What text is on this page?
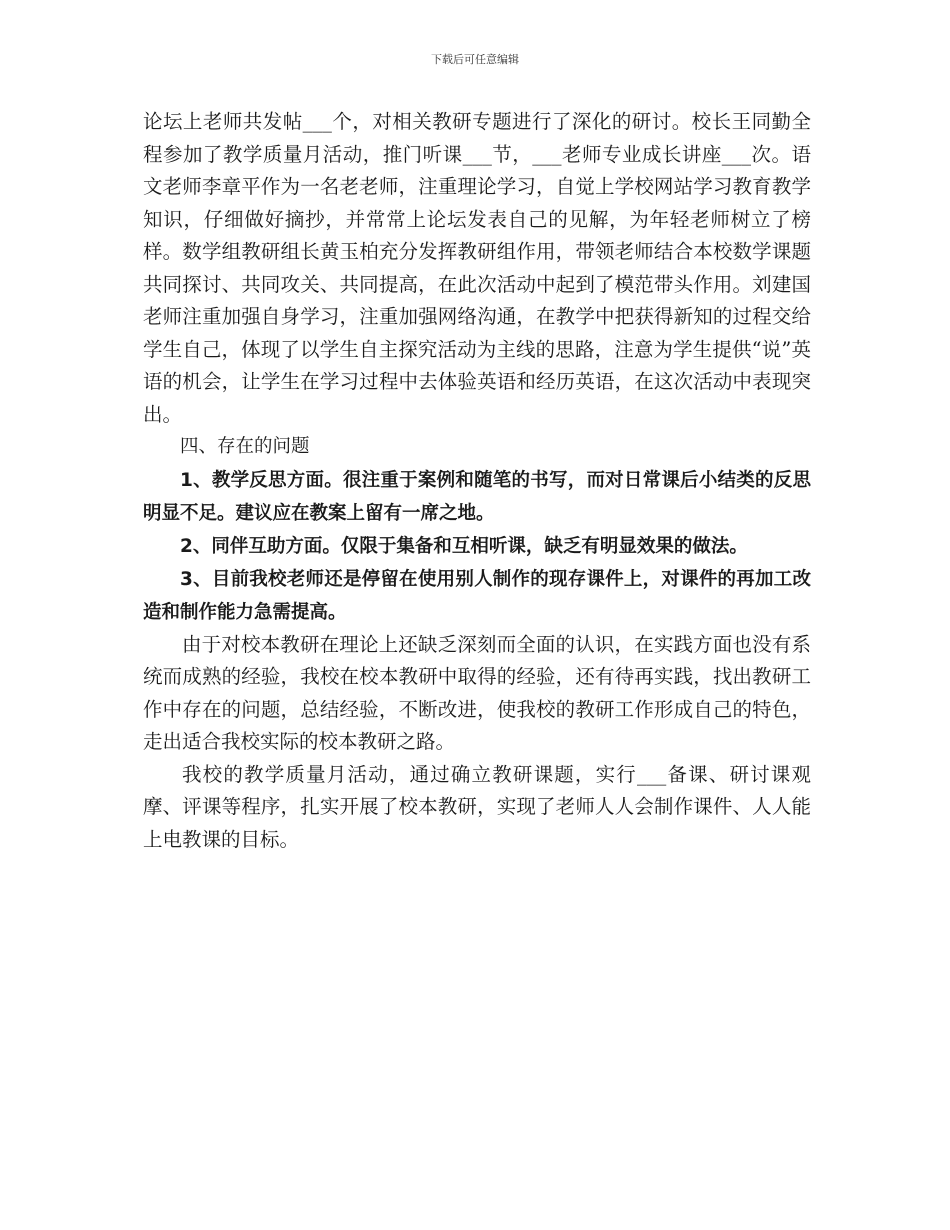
下载后可任意编辑

论坛上老师共发帖___个，对相关教研专题进行了深化的研讨。校长王同勤全程参加了教学质量月活动，推门听课___节，___老师专业成长讲座___次。语文老师李章平作为一名老老师，注重理论学习，自觉上学校网站学习教育教学知识，仔细做好摘抄，并常常上论坛发表自己的见解，为年轻老师树立了榜样。数学组教研组长黄玉柏充分发挥教研组作用，带领老师结合本校数学课题共同探讨、共同攻关、共同提高，在此次活动中起到了模范带头作用。刘建国老师注重加强自身学习，注重加强网络沟通，在教学中把获得新知的过程交给学生自己，体现了以学生自主探究活动为主线的思路，注意为学生提供“说”英语的机会，让学生在学习过程中去体验英语和经历英语，在这次活动中表现突出。

四、存在的问题

1、教学反思方面。很注重于案例和随笔的书写，而对日常课后小结类的反思明显不足。建议应在教案上留有一席之地。

2、同伴互助方面。仅限于集备和互相听课，缺乏有明显效果的做法。

3、目前我校老师还是停留在使用别人制作的现存课件上，对课件的再加工改造和制作能力急需提高。

由于对校本教研在理论上还缺乏深刻而全面的认识，在实践方面也没有系统而成熟的经验，我校在校本教研中取得的经验，还有待再实践，找出教研工作中存在的问题，总结经验，不断改进，使我校的教研工作形成自己的特色，走出适合我校实际的校本教研之路。

我校的教学质量月活动，通过确立教研课题，实行___备课、研讨课观摩、评课等程序，扎实开展了校本教研，实现了老师人人会制作课件、人人能上电教课的目标。
